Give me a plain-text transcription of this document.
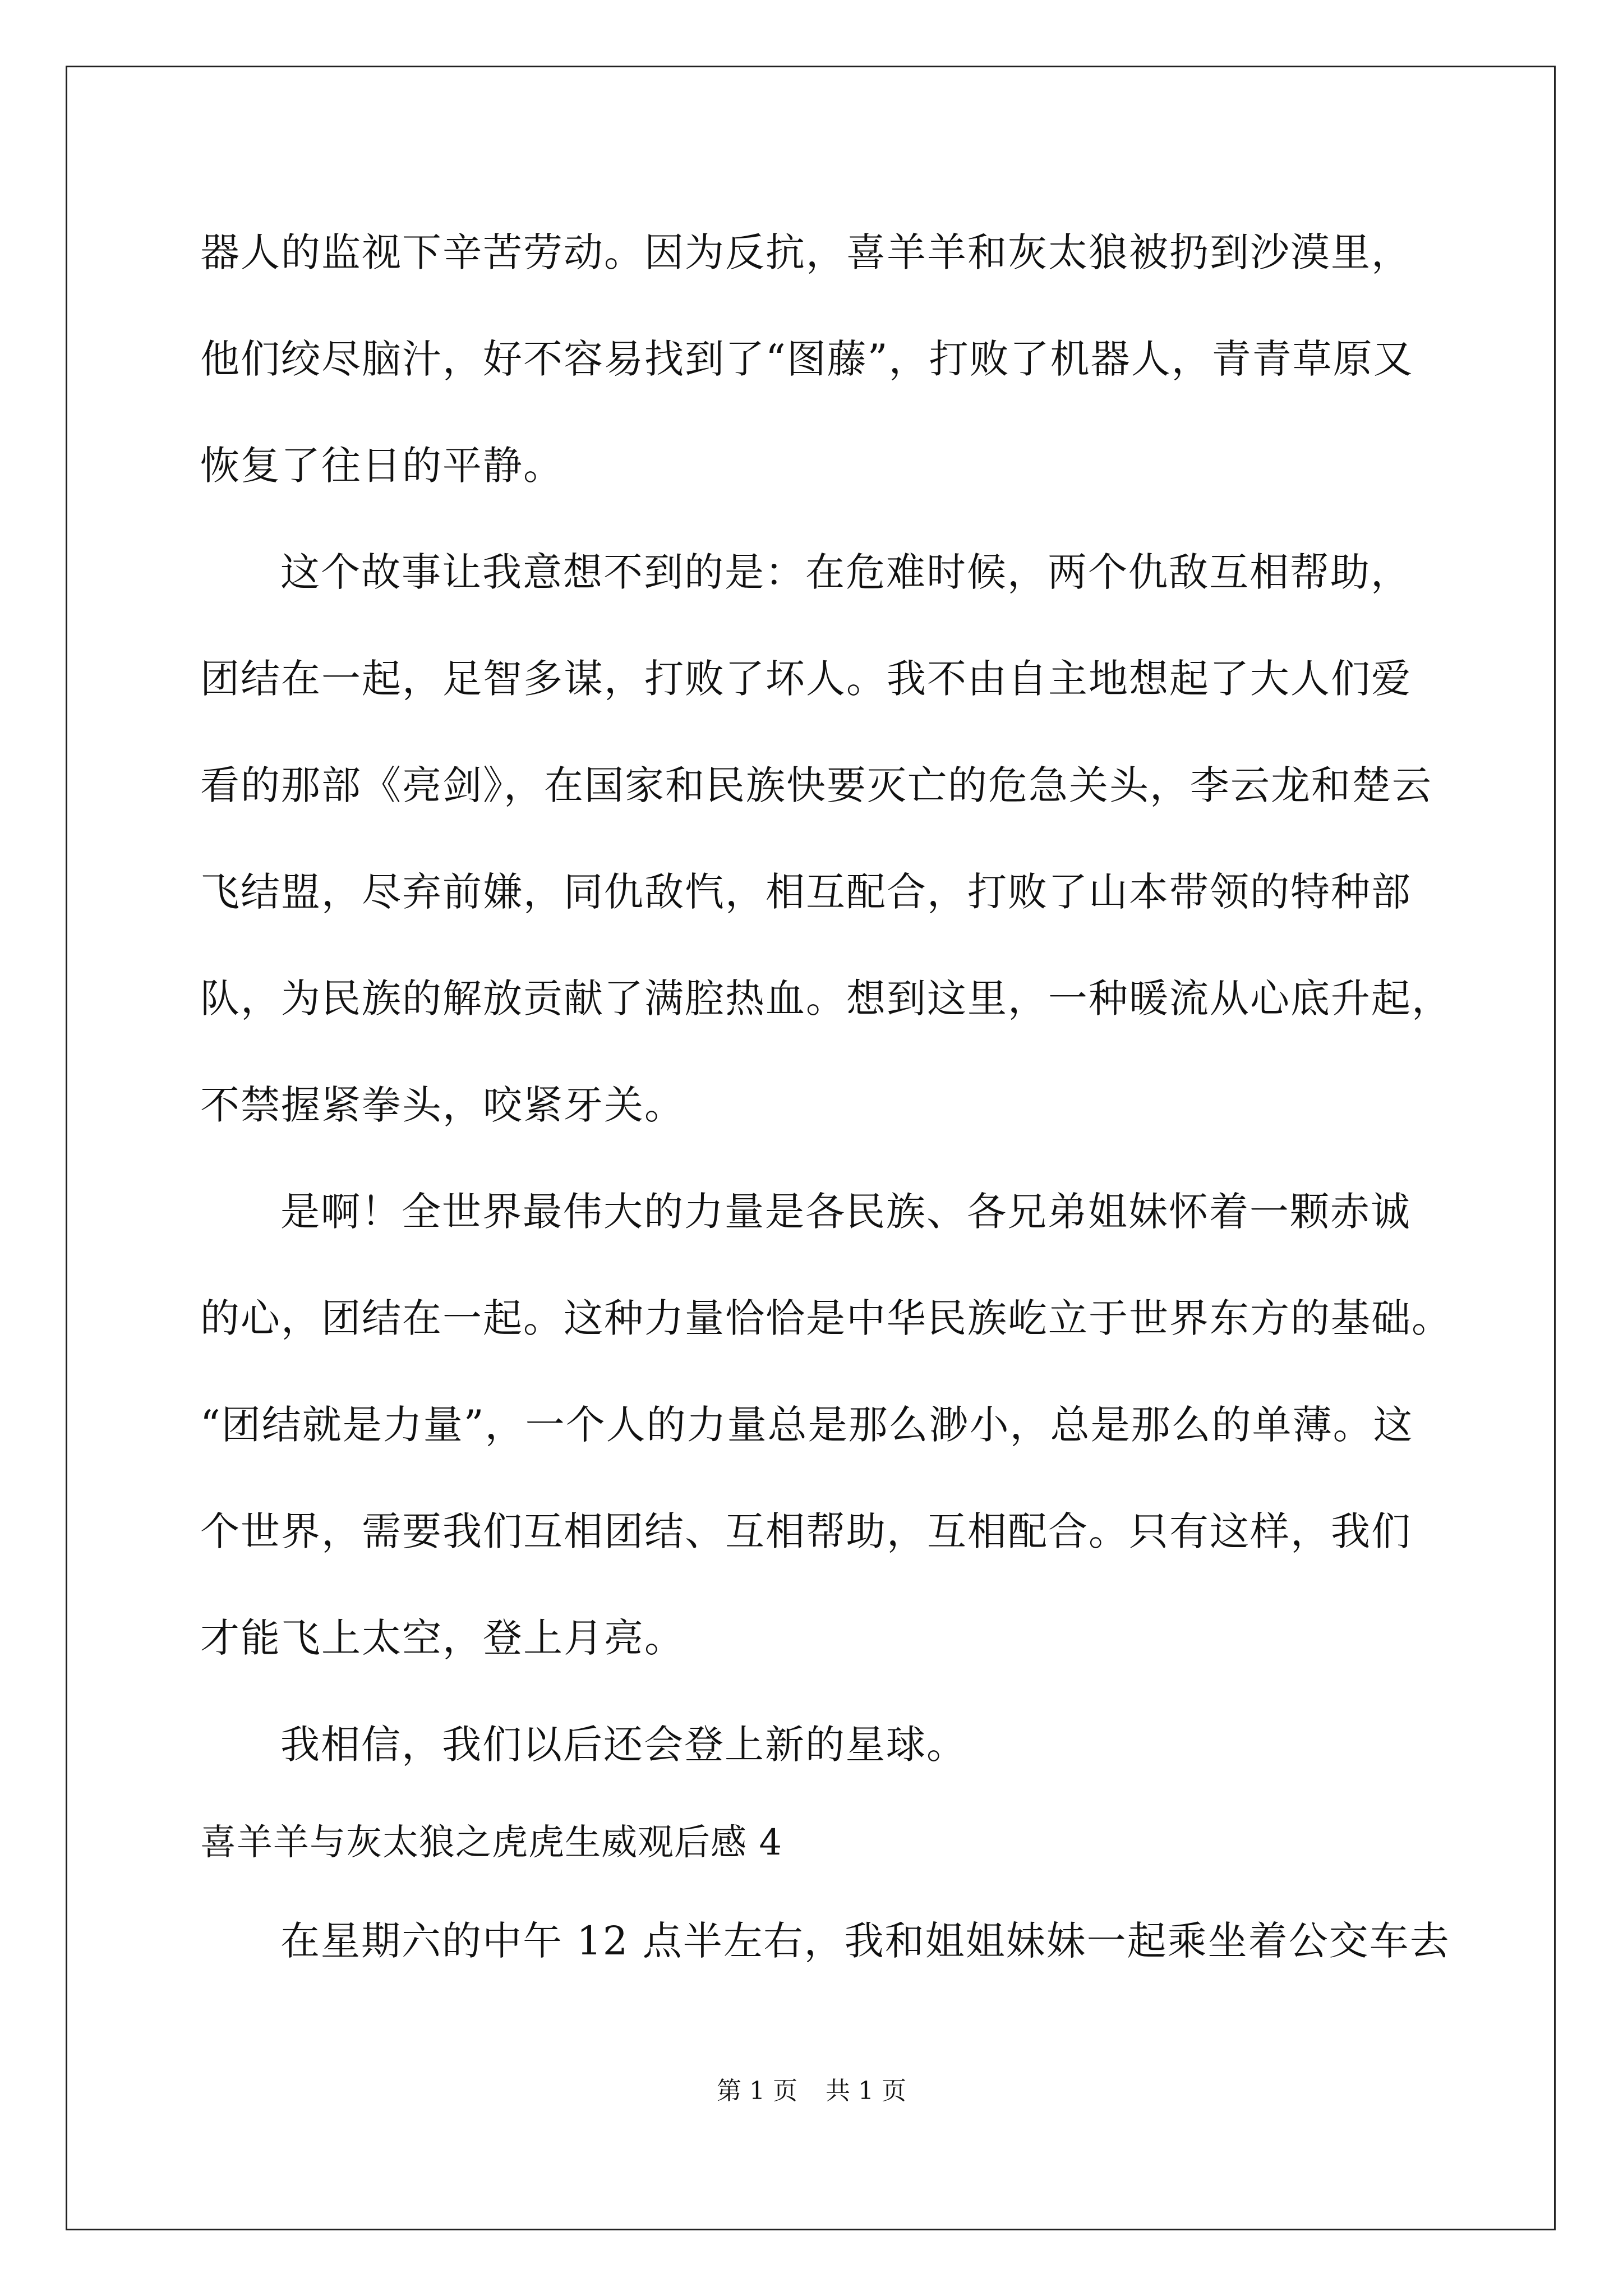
器人的监视下辛苦劳动。因为反抗，喜羊羊和灰太狼被扔到沙漠里，
他们绞尽脑汁，好不容易找到了“图藤”，打败了机器人，青青草原又
恢复了往日的平静。
这个故事让我意想不到的是：在危难时候，两个仇敌互相帮助，
团结在一起，足智多谋，打败了坏人。我不由自主地想起了大人们爱
看的那部《亮剑》，在国家和民族快要灭亡的危急关头，李云龙和楚云
飞结盟，尽弃前嫌，同仇敌忾，相互配合，打败了山本带领的特种部
队，为民族的解放贡献了满腔热血。想到这里，一种暖流从心底升起，
不禁握紧拳头，咬紧牙关。
是啊！全世界最伟大的力量是各民族、各兄弟姐妹怀着一颗赤诚
的心，团结在一起。这种力量恰恰是中华民族屹立于世界东方的基础。
“团结就是力量”，一个人的力量总是那么渺小，总是那么的单薄。这
个世界，需要我们互相团结、互相帮助，互相配合。只有这样，我们
才能飞上太空，登上月亮。
我相信，我们以后还会登上新的星球。
喜羊羊与灰太狼之虎虎生威观后感 4
在星期六的中午 12 点半左右，我和姐姐妹妹一起乘坐着公交车去
第 1 页 共 1 页
